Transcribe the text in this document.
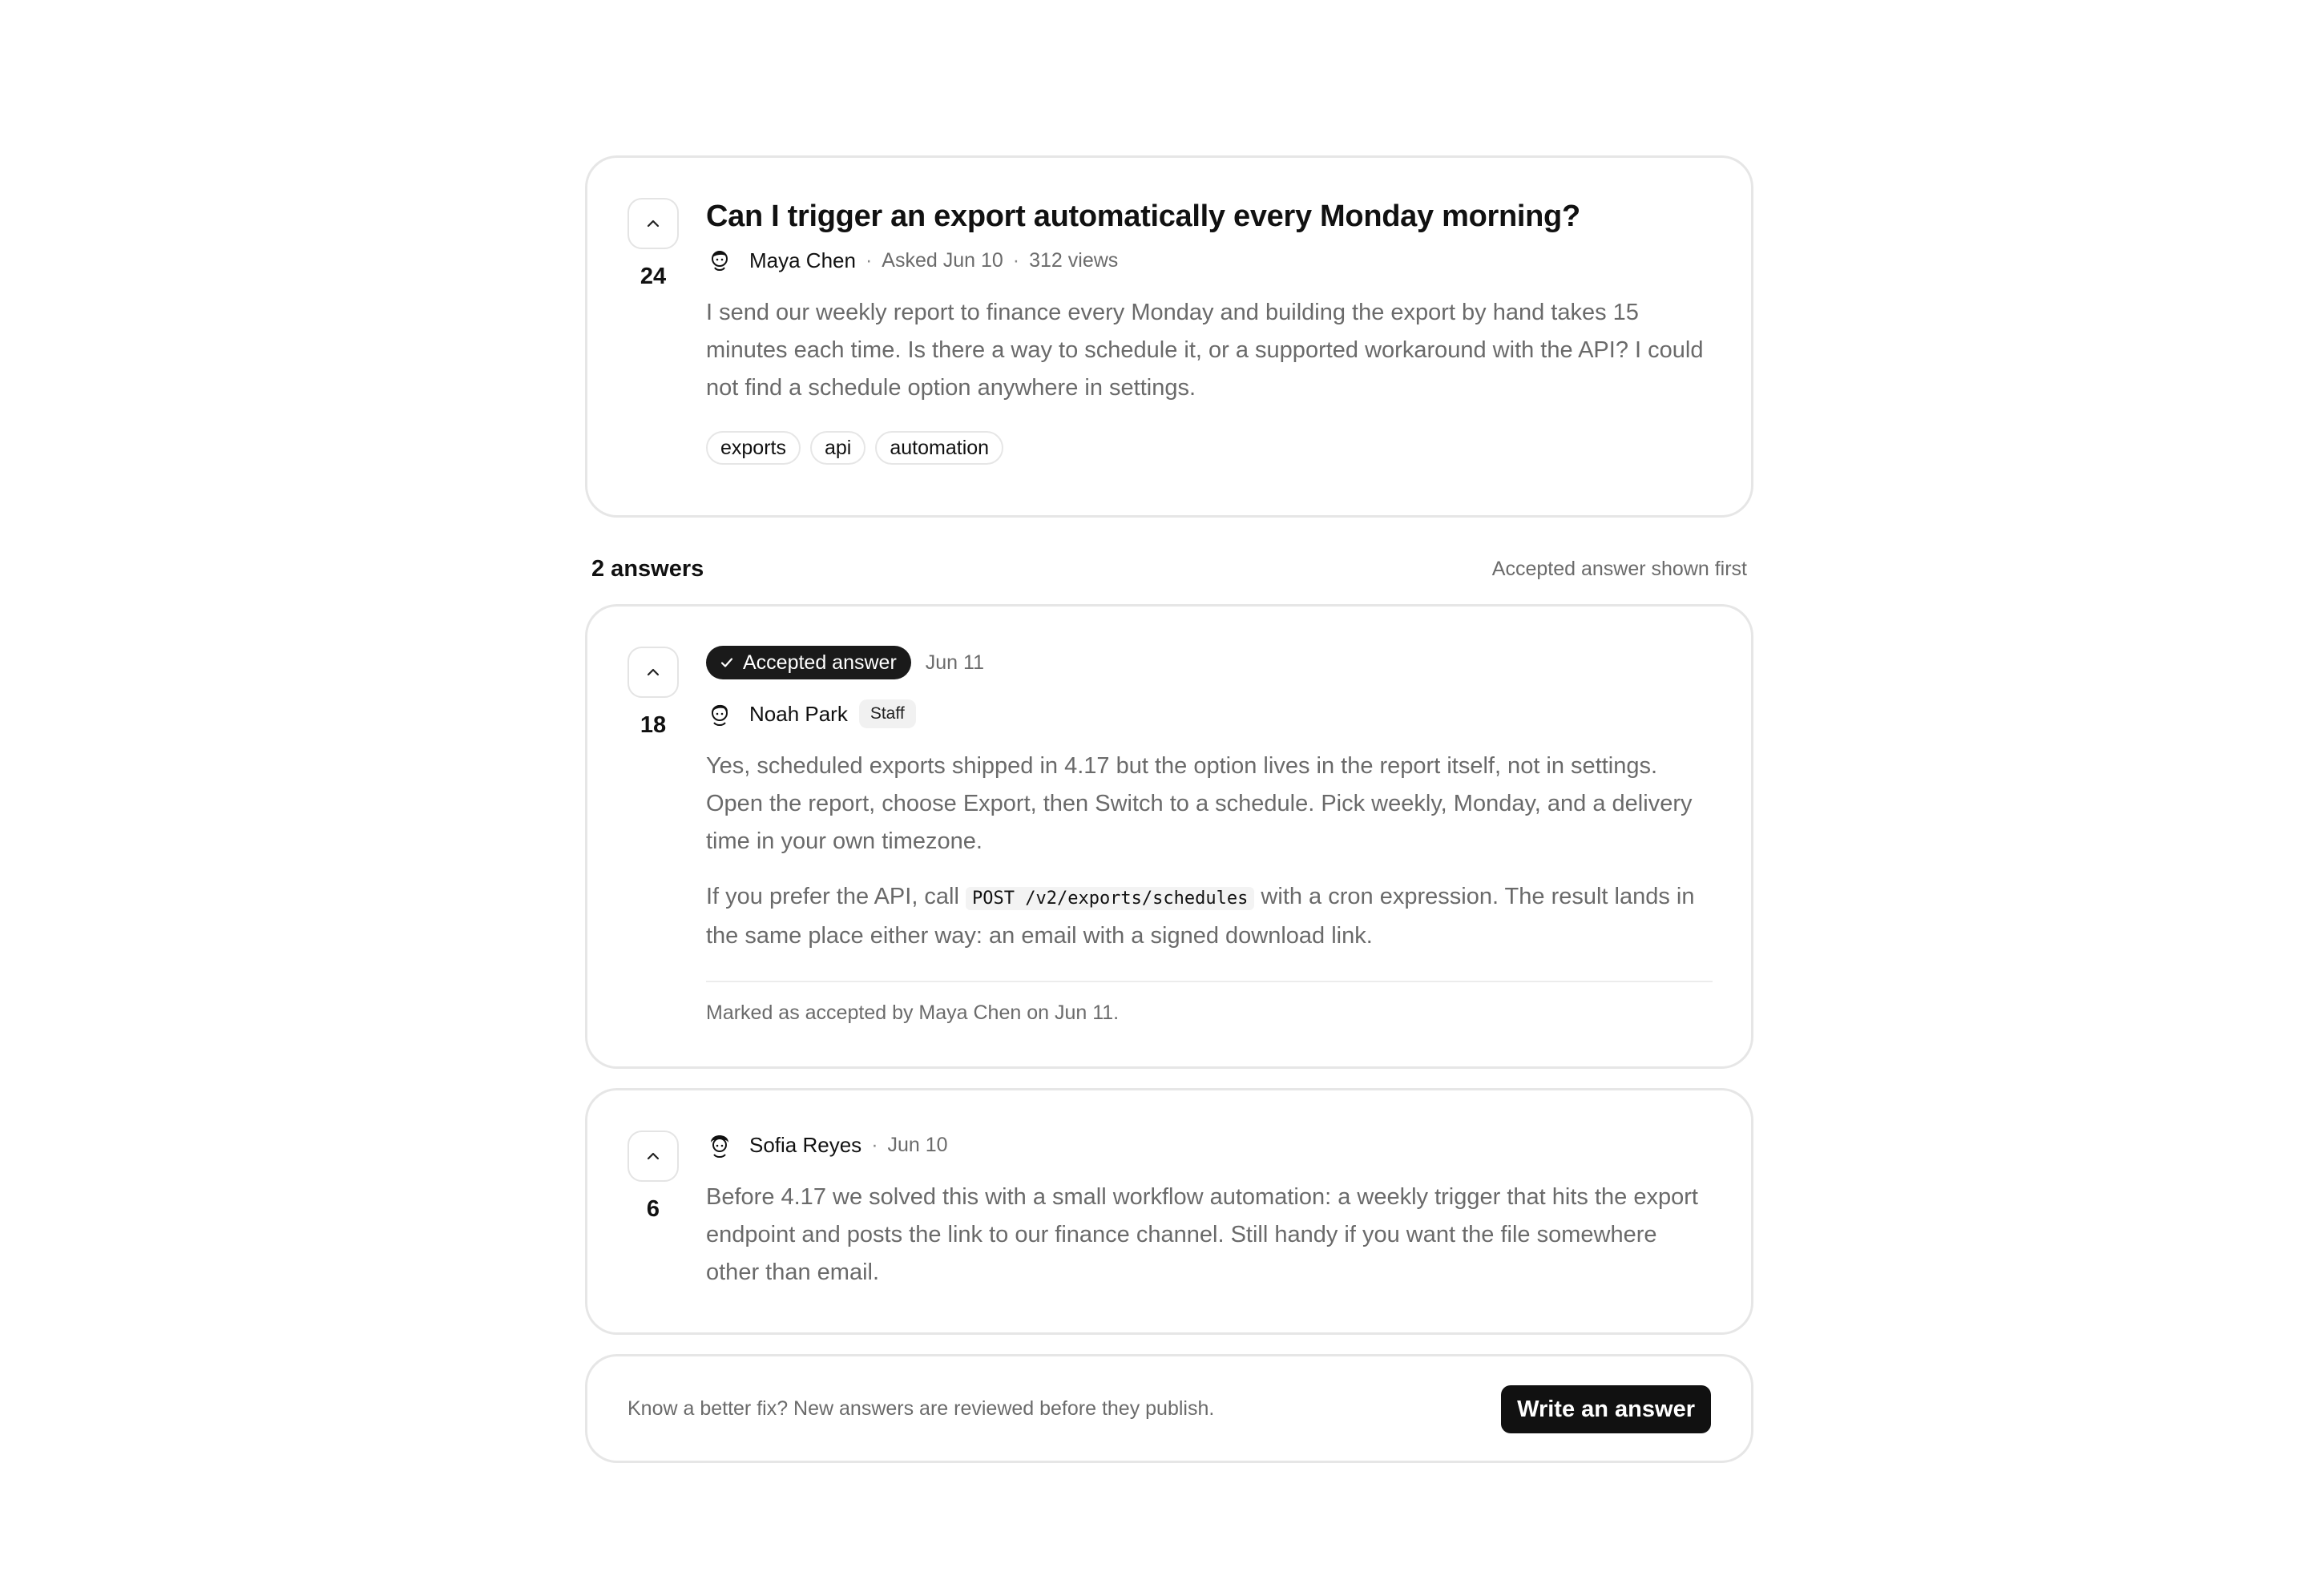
24
Can I trigger an export automatically every Monday morning?
Maya Chen · Asked Jun 10 · 312 views

I send our weekly report to finance every Monday and building the export by hand takes 15 minutes each time. Is there a way to schedule it, or a supported workaround with the API? I could not find a schedule option anywhere in settings.

exports	api	automation
2 answers	Accepted answer shown first
18
Accepted answer Jun 11
Noah Park	Staff

Yes, scheduled exports shipped in 4.17 but the option lives in the report itself, not in settings. Open the report, choose Export, then Switch to a schedule. Pick weekly, Monday, and a delivery time in your own timezone.

If you prefer the API, call POST /v2/exports/schedules with a cron expression. The result lands in the same place either way: an email with a signed download link.

Marked as accepted by Maya Chen on Jun 11.

6
Sofia Reyes · Jun 10

Before 4.17 we solved this with a small workflow automation: a weekly trigger that hits the export endpoint and posts the link to our finance channel. Still handy if you want the file somewhere other than email.

Know a better fix? New answers are reviewed before they publish.	Write an answer
